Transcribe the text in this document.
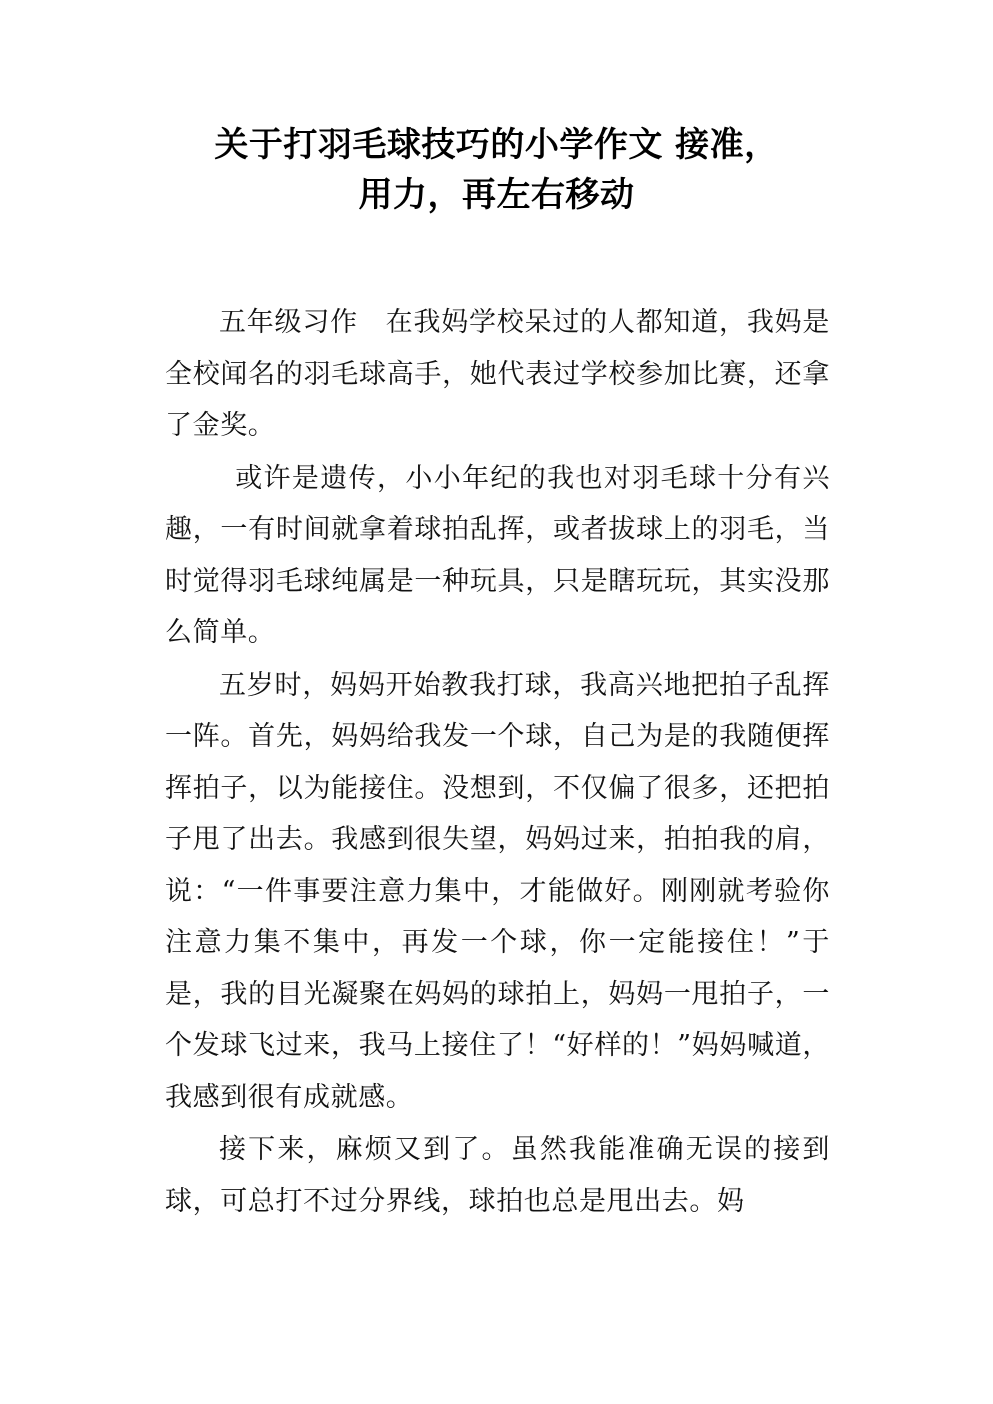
关于打羽毛球技巧的小学作文 接准，
用力，再左右移动

五年级习作　在我妈学校呆过的人都知道，我妈是全校闻名的羽毛球高手，她代表过学校参加比赛，还拿了金奖。

或许是遗传，小小年纪的我也对羽毛球十分有兴趣，一有时间就拿着球拍乱挥，或者拔球上的羽毛，当时觉得羽毛球纯属是一种玩具，只是瞎玩玩，其实没那么简单。

五岁时，妈妈开始教我打球，我高兴地把拍子乱挥一阵。首先，妈妈给我发一个球，自己为是的我随便挥挥拍子，以为能接住。没想到，不仅偏了很多，还把拍子甩了出去。我感到很失望，妈妈过来，拍拍我的肩，说：“一件事要注意力集中，才能做好。刚刚就考验你注意力集不集中，再发一个球，你一定能接住！”于是，我的目光凝聚在妈妈的球拍上，妈妈一甩拍子，一个发球飞过来，我马上接住了！“好样的！”妈妈喊道，我感到很有成就感。

接下来，麻烦又到了。虽然我能准确无误的接到球，可总打不过分界线，球拍也总是甩出去。妈
